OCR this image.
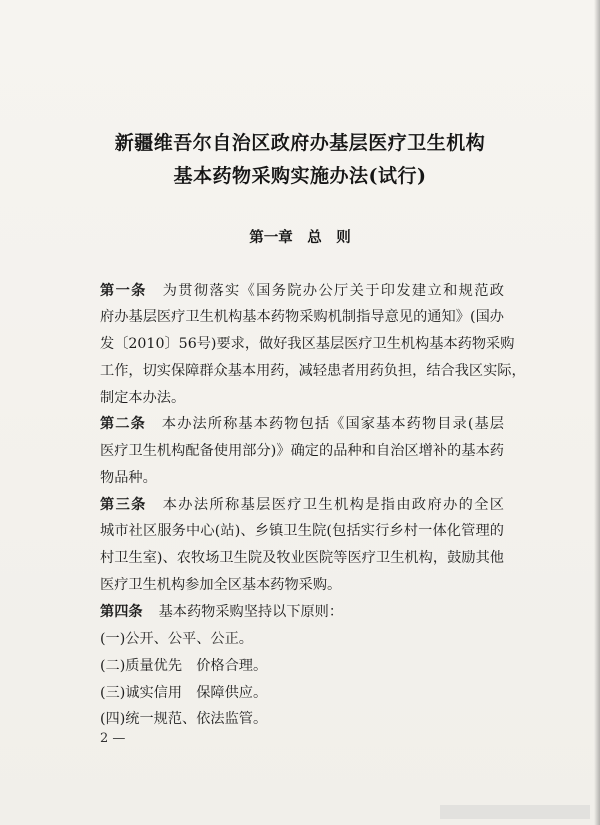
新疆维吾尔自治区政府办基层医疗卫生机构
基本药物采购实施办法(试行)
第一章　总　则
第一条 为贯彻落实《国务院办公厅关于印发建立和规范政
府办基层医疗卫生机构基本药物采购机制指导意见的通知》(国办
发〔2010〕56号)要求，做好我区基层医疗卫生机构基本药物采购
工作，切实保障群众基本用药，减轻患者用药负担，结合我区实际，
制定本办法。
第二条 本办法所称基本药物包括《国家基本药物目录(基层
医疗卫生机构配备使用部分)》确定的品种和自治区增补的基本药
物品种。
第三条 本办法所称基层医疗卫生机构是指由政府办的全区
城市社区服务中心(站)、乡镇卫生院(包括实行乡村一体化管理的
村卫生室)、农牧场卫生院及牧业医院等医疗卫生机构，鼓励其他
医疗卫生机构参加全区基本药物采购。
第四条 基本药物采购坚持以下原则：
(一)公开、公平、公正。
(二)质量优先　价格合理。
(三)诚实信用　保障供应。
(四)统一规范、依法监管。
2 —
